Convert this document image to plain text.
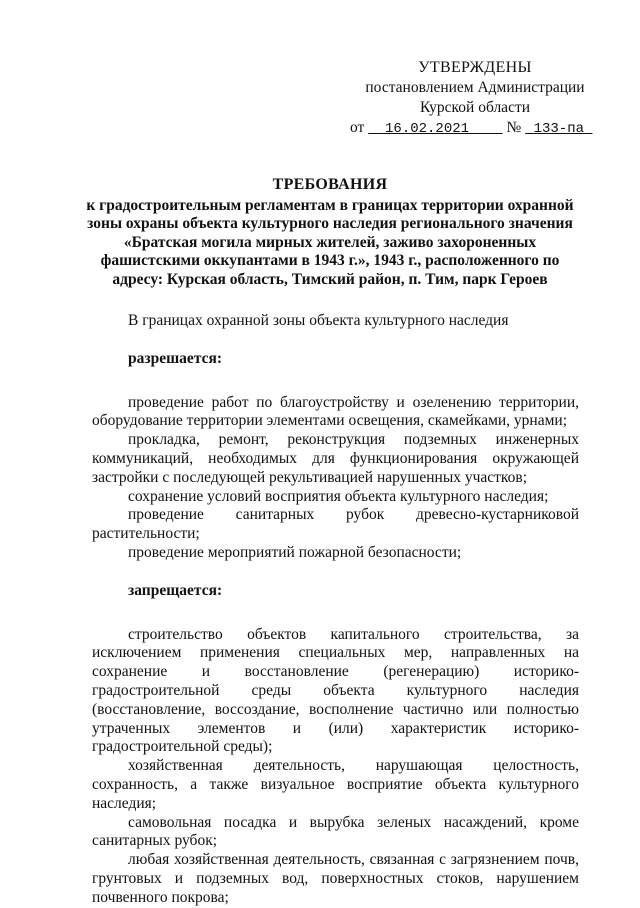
УТВЕРЖДЕНЫ
постановлением Администрации
Курской области
от 16.02.2021 № 133-па
ТРЕБОВАНИЯ
к градостроительным регламентам в границах территории охранной
зоны охраны объекта культурного наследия регионального значения
«Братская могила мирных жителей, заживо захороненных
фашистскими оккупантами в 1943 г.», 1943 г., расположенного по
адресу: Курская область, Тимский район, п. Тим, парк Героев

В границах охранной зоны объекта культурного наследия

разрешается:

проведение работ по благоустройству и озеленению территории, оборудование территории элементами освещения, скамейками, урнами;

прокладка, ремонт, реконструкция подземных инженерных коммуникаций, необходимых для функционирования окружающей застройки с последующей рекультивацией нарушенных участков;

сохранение условий восприятия объекта культурного наследия;

проведение санитарных рубок древесно-кустарниковой растительности;

проведение мероприятий пожарной безопасности;

запрещается:

строительство объектов капитального строительства, за исключением применения специальных мер, направленных на сохранение и восстановление (регенерацию) историко-градостроительной среды объекта культурного наследия (восстановление, воссоздание, восполнение частично или полностью утраченных элементов и (или) характеристик историко-градостроительной среды);

хозяйственная деятельность, нарушающая целостность, сохранность, а также визуальное восприятие объекта культурного наследия;

самовольная посадка и вырубка зеленых насаждений, кроме санитарных рубок;

любая хозяйственная деятельность, связанная с загрязнением почв, грунтовых и подземных вод, поверхностных стоков, нарушением почвенного покрова;
